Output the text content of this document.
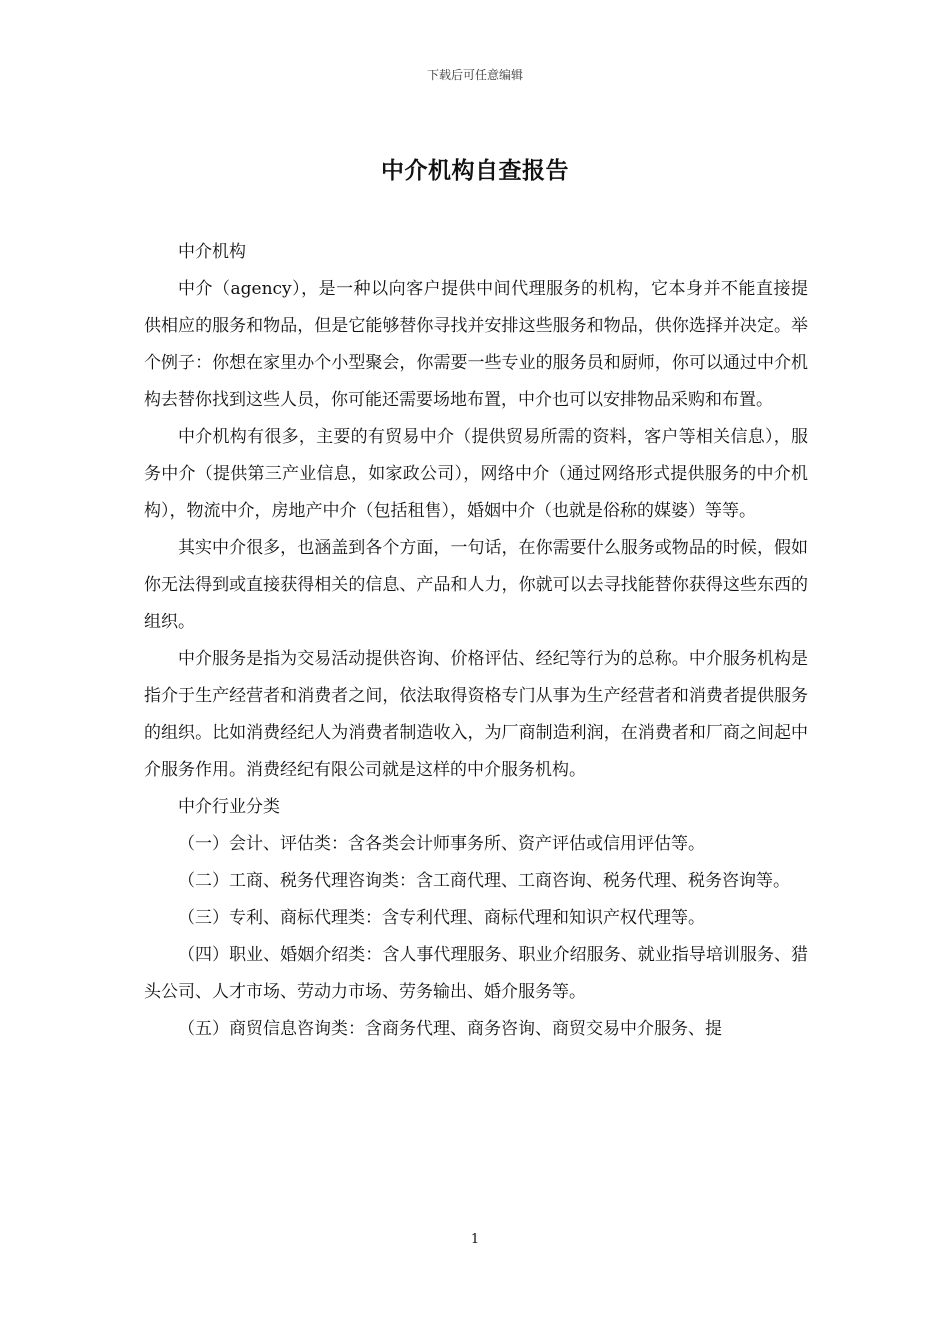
下载后可任意编辑
中介机构自查报告

中介机构

中介（agency），是一种以向客户提供中间代理服务的机构，它本身并不能直接提供相应的服务和物品，但是它能够替你寻找并安排这些服务和物品，供你选择并决定。举个例子：你想在家里办个小型聚会，你需要一些专业的服务员和厨师，你可以通过中介机构去替你找到这些人员，你可能还需要场地布置，中介也可以安排物品采购和布置。

中介机构有很多，主要的有贸易中介（提供贸易所需的资料，客户等相关信息），服务中介（提供第三产业信息，如家政公司），网络中介（通过网络形式提供服务的中介机构），物流中介，房地产中介（包括租售），婚姻中介（也就是俗称的媒婆）等等。

其实中介很多，也涵盖到各个方面，一句话，在你需要什么服务或物品的时候，假如你无法得到或直接获得相关的信息、产品和人力，你就可以去寻找能替你获得这些东西的组织。

中介服务是指为交易活动提供咨询、价格评估、经纪等行为的总称。中介服务机构是指介于生产经营者和消费者之间，依法取得资格专门从事为生产经营者和消费者提供服务的组织。比如消费经纪人为消费者制造收入，为厂商制造利润，在消费者和厂商之间起中介服务作用。消费经纪有限公司就是这样的中介服务机构。

中介行业分类

（一）会计、评估类：含各类会计师事务所、资产评估或信用评估等。

（二）工商、税务代理咨询类：含工商代理、工商咨询、税务代理、税务咨询等。

（三）专利、商标代理类：含专利代理、商标代理和知识产权代理等。

（四）职业、婚姻介绍类：含人事代理服务、职业介绍服务、就业指导培训服务、猎头公司、人才市场、劳动力市场、劳务输出、婚介服务等。

（五）商贸信息咨询类：含商务代理、商务咨询、商贸交易中介服务、提

1
